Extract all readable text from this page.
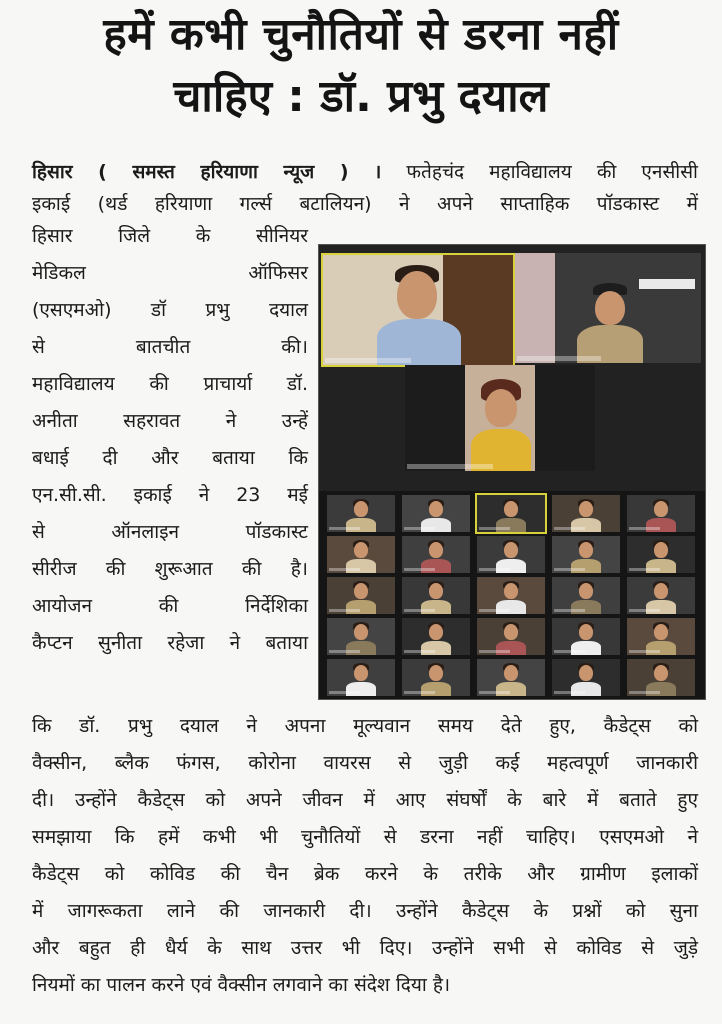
हमें कभी चुनौतियों से डरना नहीं
चाहिए : डॉ. प्रभु दयाल
हिसार ( समस्त हरियाणा न्यूज ) । फतेहचंद महाविद्यालय की एनसीसी
इकाई (थर्ड हरियाणा गर्ल्स बटालियन) ने अपने साप्ताहिक पॉडकास्ट में
हिसार जिले के सीनियर
मेडिकल ऑफिसर
(एसएमओ) डॉ प्रभु दयाल
से बातचीत की।
महाविद्यालय की प्राचार्या डॉ.
अनीता सहरावत ने उन्हें
बधाई दी और बताया कि
एन.सी.सी. इकाई ने 23 मई
से ऑनलाइन पॉडकास्ट
सीरीज की शुरूआत की है।
आयोजन की निर्देशिका
कैप्टन सुनीता रहेजा ने बताया
कि डॉ. प्रभु दयाल ने अपना मूल्यवान समय देते हुए, कैडेट्स को
वैक्सीन, ब्लैक फंगस, कोरोना वायरस से जुड़ी कई महत्वपूर्ण जानकारी
दी। उन्होंने कैडेट्स को अपने जीवन में आए संघर्षों के बारे में बताते हुए
समझाया कि हमें कभी भी चुनौतियों से डरना नहीं चाहिए। एसएमओ ने
कैडेट्स को कोविड की चैन ब्रेक करने के तरीके और ग्रामीण इलाकों
में जागरूकता लाने की जानकारी दी। उन्होंने कैडेट्स के प्रश्नों को सुना
और बहुत ही धैर्य के साथ उत्तर भी दिए। उन्होंने सभी से कोविड से जुड़े
नियमों का पालन करने एवं वैक्सीन लगवाने का संदेश दिया है।
